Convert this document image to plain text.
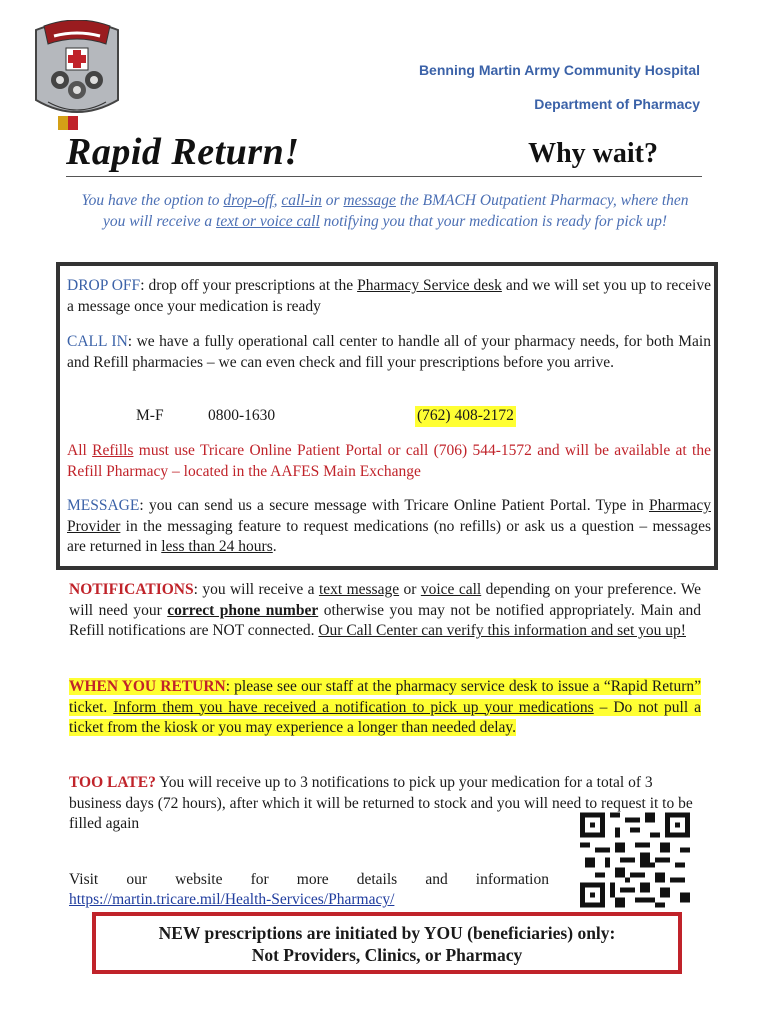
Benning Martin Army Community Hospital
Department of Pharmacy
Rapid Return!	Why wait?
You have the option to drop-off, call-in or message the BMACH Outpatient Pharmacy, where then you will receive a text or voice call notifying you that your medication is ready for pick up!

DROP OFF: drop off your prescriptions at the Pharmacy Service desk and we will set you up to receive a message once your medication is ready

CALL IN: we have a fully operational call center to handle all of your pharmacy needs, for both Main and Refill pharmacies – we can even check and fill your prescriptions before you arrive.

M-F	0800-1630	(762) 408-2172

All Refills must use Tricare Online Patient Portal or call (706) 544-1572 and will be available at the Refill Pharmacy – located in the AAFES Main Exchange

MESSAGE: you can send us a secure message with Tricare Online Patient Portal. Type in Pharmacy Provider in the messaging feature to request medications (no refills) or ask us a question – messages are returned in less than 24 hours.

NOTIFICATIONS: you will receive a text message or voice call depending on your preference. We will need your correct phone number otherwise you may not be notified appropriately. Main and Refill notifications are NOT connected. Our Call Center can verify this information and set you up!

WHEN YOU RETURN: please see our staff at the pharmacy service desk to issue a “Rapid Return” ticket. Inform them you have received a notification to pick up your medications – Do not pull a ticket from the kiosk or you may experience a longer than needed delay.

TOO LATE? You will receive up to 3 notifications to pick up your medication for a total of 3 business days (72 hours), after which it will be returned to stock and you will need to request it to be filled again

Visit our website for more details and information

https://martin.tricare.mil/Health-Services/Pharmacy/
NEW prescriptions are initiated by YOU (beneficiaries) only:
Not Providers, Clinics, or Pharmacy
